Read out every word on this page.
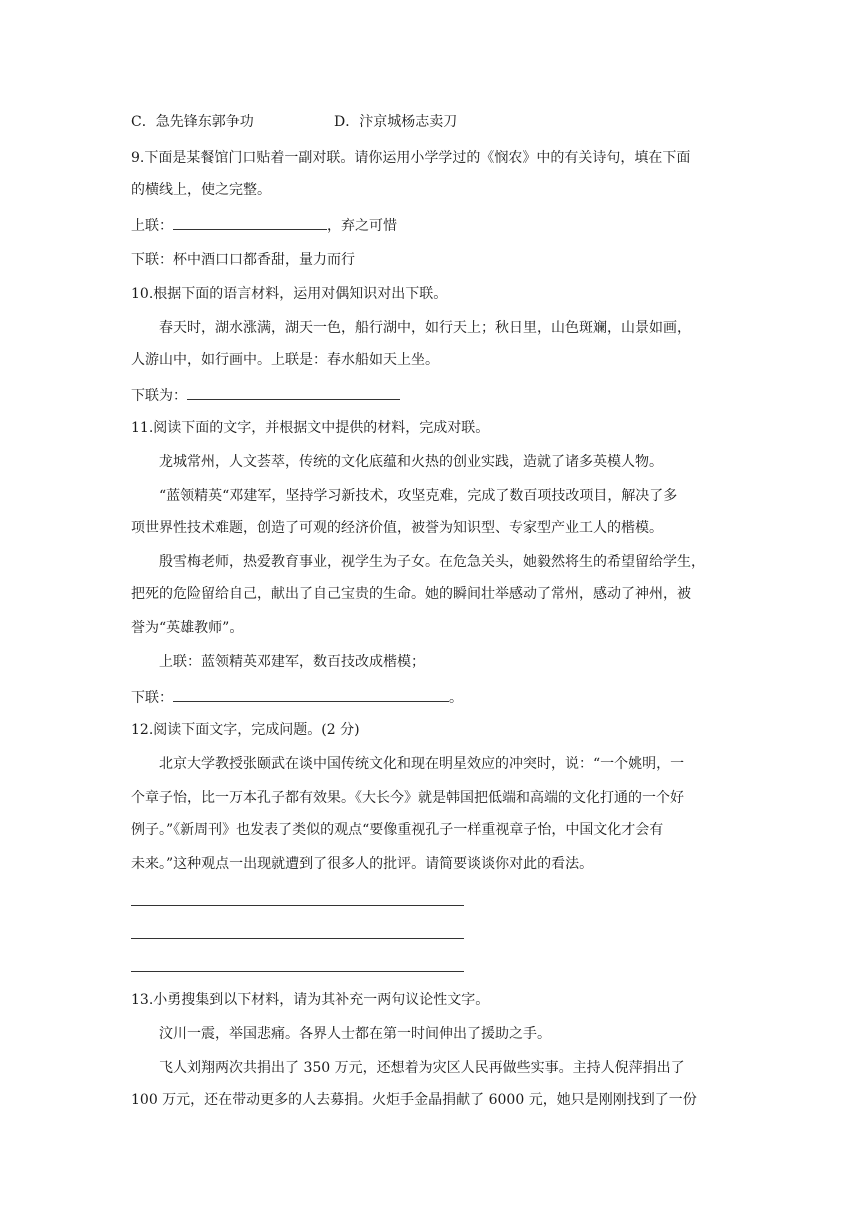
C．急先锋东郭争功	D．汴京城杨志卖刀
9.下面是某餐馆门口贴着一副对联。请你运用小学学过的《悯农》中的有关诗句，填在下面
的横线上，使之完整。
上联：	，弃之可惜
下联：杯中酒口口都香甜，量力而行
10.根据下面的语言材料，运用对偶知识对出下联。
春天时，湖水涨满，湖天一色，船行湖中，如行天上；秋日里，山色斑斓，山景如画，
人游山中，如行画中。上联是：春水船如天上坐。
下联为：
11.阅读下面的文字，并根据文中提供的材料，完成对联。
龙城常州，人文荟萃，传统的文化底蕴和火热的创业实践，造就了诸多英模人物。
“蓝领精英“邓建军，坚持学习新技术，攻坚克难，完成了数百项技改项目，解决了多
项世界性技术难题，创造了可观的经济价值，被誉为知识型、专家型产业工人的楷模。
殷雪梅老师，热爱教育事业，视学生为子女。在危急关头，她毅然将生的希望留给学生，
把死的危险留给自己，献出了自己宝贵的生命。她的瞬间壮举感动了常州，感动了神州，被
誉为“英雄教师”。
上联：蓝领精英邓建军，数百技改成楷模；
下联：	。
12.阅读下面文字，完成问题。(2 分)
北京大学教授张颐武在谈中国传统文化和现在明星效应的冲突时，说：“一个姚明，一
个章子怡，比一万本孔子都有效果。《大长今》就是韩国把低端和高端的文化打通的一个好
例子。”《新周刊》也发表了类似的观点“要像重视孔子一样重视章子怡，中国文化才会有
未来。”这种观点一出现就遭到了很多人的批评。请简要谈谈你对此的看法。
13.小勇搜集到以下材料，请为其补充一两句议论性文字。
汶川一震，举国悲痛。各界人士都在第一时间伸出了援助之手。
飞人刘翔两次共捐出了 350 万元，还想着为灾区人民再做些实事。主持人倪萍捐出了
100 万元，还在带动更多的人去募捐。火炬手金晶捐献了 6000 元，她只是刚刚找到了一份
